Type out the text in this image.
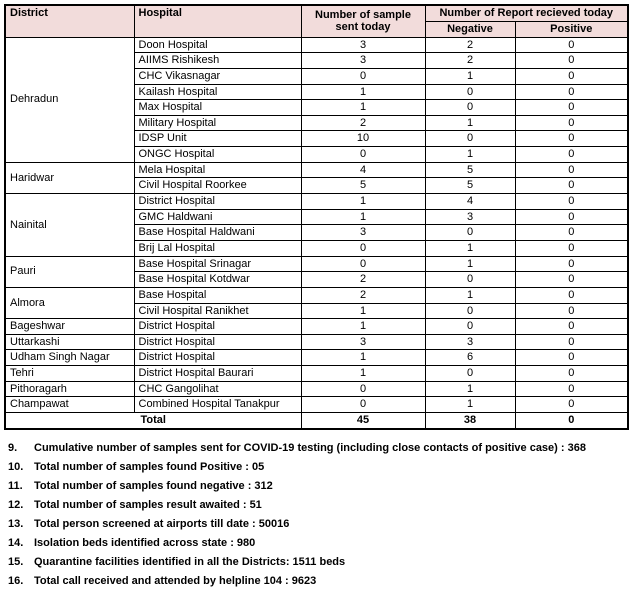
District	Hospital	Number of sample sent today	Number of Report recieved today	
			Negative	Positive
Dehradun	Doon Hospital	3	2	0
	AIIMS Rishikesh	3	2	0
	CHC Vikasnagar	0	1	0
	Kailash Hospital	1	0	0
	Max Hospital	1	0	0
	Military Hospital	2	1	0
	IDSP Unit	10	0	0
	ONGC Hospital	0	1	0
Haridwar	Mela Hospital	4	5	0
	Civil Hospital Roorkee	5	5	0
Nainital	District Hospital	1	4	0
	GMC Haldwani	1	3	0
	Base Hospital Haldwani	3	0	0
	Brij Lal Hospital	0	1	0
Pauri	Base Hospital Srinagar	0	1	0
	Base Hospital Kotdwar	2	0	0
Almora	Base Hospital	2	1	0
	Civil Hospital Ranikhet	1	0	0
Bageshwar	District Hospital	1	0	0
Uttarkashi	District Hospital	3	3	0
Udham Singh Nagar	District Hospital	1	6	0
Tehri	District Hospital Baurari	1	0	0
Pithoragarh	CHC Gangolihat	0	1	0
Champawat	Combined Hospital Tanakpur	0	1	0
Total		45	38	0
9.	Cumulative number of samples sent for COVID-19 testing (including close contacts of positive case) : 368
10. Total number of samples found Positive : 05
11.	Total number of samples found negative : 312
12. Total number of samples result awaited : 51
13. Total person screened at airports till date : 50016
14. Isolation beds identified across state : 980
15. Quarantine facilities identified in all the Districts: 1511 beds
16. Total call received and attended by helpline 104 : 9623
